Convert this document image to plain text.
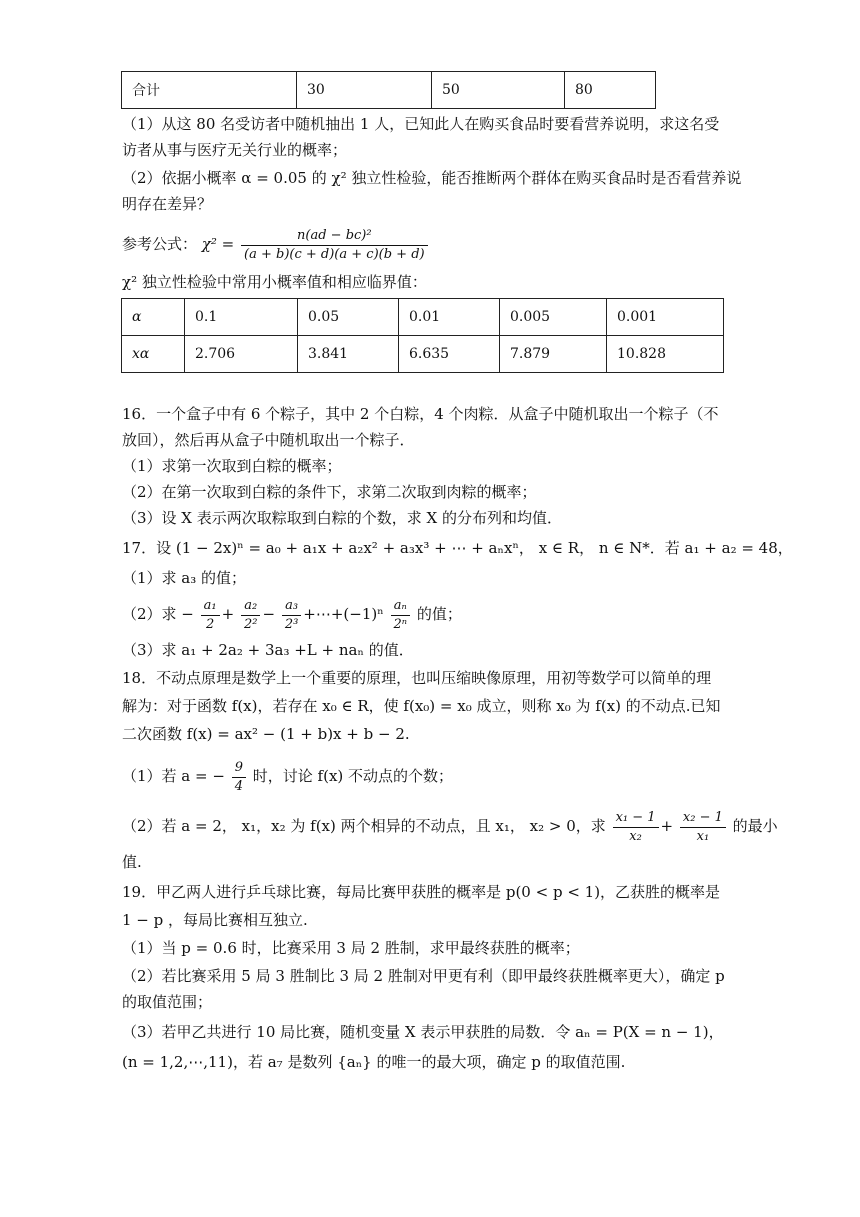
合计	30	50	80
（1）从这 80 名受访者中随机抽出 1 人，已知此人在购买食品时要看营养说明，求这名受
访者从事与医疗无关行业的概率；
（2）依据小概率 α = 0.05 的 χ² 独立性检验，能否推断两个群体在购买食品时是否看营养说
明存在差异？
参考公式： $\chi^2 = \frac{\text{n(ad − bc)²}}{(a + b)(c + d)(a + c)(b + d)}$
χ² 独立性检验中常用小概率值和相应临界值：
α	0.1	0.05	0.01	0.005	0.001
xα	2.706	3.841	6.635	7.879	10.828
16．一个盒子中有 6 个粽子，其中 2 个白粽，4 个肉粽．从盒子中随机取出一个粽子（不
放回），然后再从盒子中随机取出一个粽子．
（1）求第一次取到白粽的概率；
（2）在第一次取到白粽的条件下，求第二次取到肉粽的概率；
（3）设 X 表示两次取粽取到白粽的个数，求 X 的分布列和均值．
17．设 (1 − 2x)ⁿ = a₀ + a₁x + a₂x² + a₃x³ + ⋯ + aₙxⁿ， x ∈ R， n ∈ N*．若 a₁ + a₂ = 48，
（1）求 a₃ 的值；
（2）求 − $\frac{\text{a₁}}{2} + \frac{\text{a₂}}{\text{2²}} - \frac{\text{a₃}}{\text{2³}}$ +⋯+(−1)ⁿ $\frac{\text{aₙ}}{\text{2ⁿ}}$ 的值；
（3）求 a₁ + 2a₂ + 3a₃ +L + naₙ 的值．
18．不动点原理是数学上一个重要的原理，也叫压缩映像原理，用初等数学可以简单的理
解为：对于函数 f(x)，若存在 x₀ ∈ R，使 f(x₀) = x₀ 成立，则称 x₀ 为 f(x) 的不动点.已知
二次函数 f(x) = ax² − (1 + b)x + b − 2.
（1）若 a = − $\frac{9}{4}$ 时，讨论 f(x) 不动点的个数；
（2）若 a = 2， x₁，x₂ 为 f(x) 两个相异的不动点，且 x₁， x₂ > 0，求 $\frac{\text{x₁ − 1}}{\text{x₂}} + \frac{\text{x₂ − 1}}{\text{x₁}}$ 的最小
值.
19．甲乙两人进行乒乓球比赛，每局比赛甲获胜的概率是 p(0 < p < 1)，乙获胜的概率是
1 − p ，每局比赛相互独立.
（1）当 p = 0.6 时，比赛采用 3 局 2 胜制，求甲最终获胜的概率；
（2）若比赛采用 5 局 3 胜制比 3 局 2 胜制对甲更有利（即甲最终获胜概率更大），确定 p
的取值范围；
（3）若甲乙共进行 10 局比赛，随机变量 X 表示甲获胜的局数．令 aₙ = P(X = n − 1)，
(n = 1,2,⋯,11)，若 a₇ 是数列 {aₙ} 的唯一的最大项，确定 p 的取值范围.
